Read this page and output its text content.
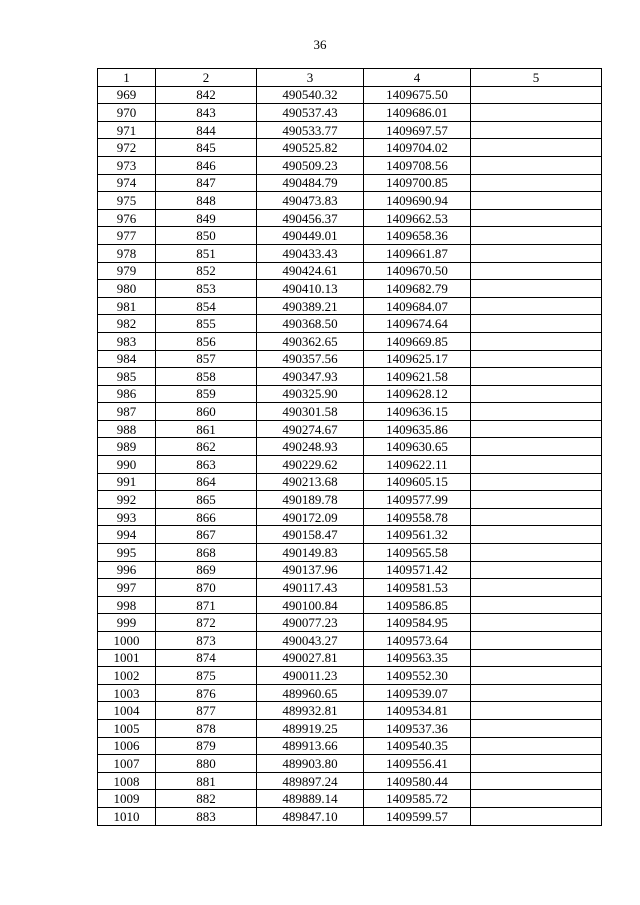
36
1	2	3	4	5
969	842	490540.32	1409675.50	
970	843	490537.43	1409686.01	
971	844	490533.77	1409697.57	
972	845	490525.82	1409704.02	
973	846	490509.23	1409708.56	
974	847	490484.79	1409700.85	
975	848	490473.83	1409690.94	
976	849	490456.37	1409662.53	
977	850	490449.01	1409658.36	
978	851	490433.43	1409661.87	
979	852	490424.61	1409670.50	
980	853	490410.13	1409682.79	
981	854	490389.21	1409684.07	
982	855	490368.50	1409674.64	
983	856	490362.65	1409669.85	
984	857	490357.56	1409625.17	
985	858	490347.93	1409621.58	
986	859	490325.90	1409628.12	
987	860	490301.58	1409636.15	
988	861	490274.67	1409635.86	
989	862	490248.93	1409630.65	
990	863	490229.62	1409622.11	
991	864	490213.68	1409605.15	
992	865	490189.78	1409577.99	
993	866	490172.09	1409558.78	
994	867	490158.47	1409561.32	
995	868	490149.83	1409565.58	
996	869	490137.96	1409571.42	
997	870	490117.43	1409581.53	
998	871	490100.84	1409586.85	
999	872	490077.23	1409584.95	
1000	873	490043.27	1409573.64	
1001	874	490027.81	1409563.35	
1002	875	490011.23	1409552.30	
1003	876	489960.65	1409539.07	
1004	877	489932.81	1409534.81	
1005	878	489919.25	1409537.36	
1006	879	489913.66	1409540.35	
1007	880	489903.80	1409556.41	
1008	881	489897.24	1409580.44	
1009	882	489889.14	1409585.72	
1010	883	489847.10	1409599.57	
